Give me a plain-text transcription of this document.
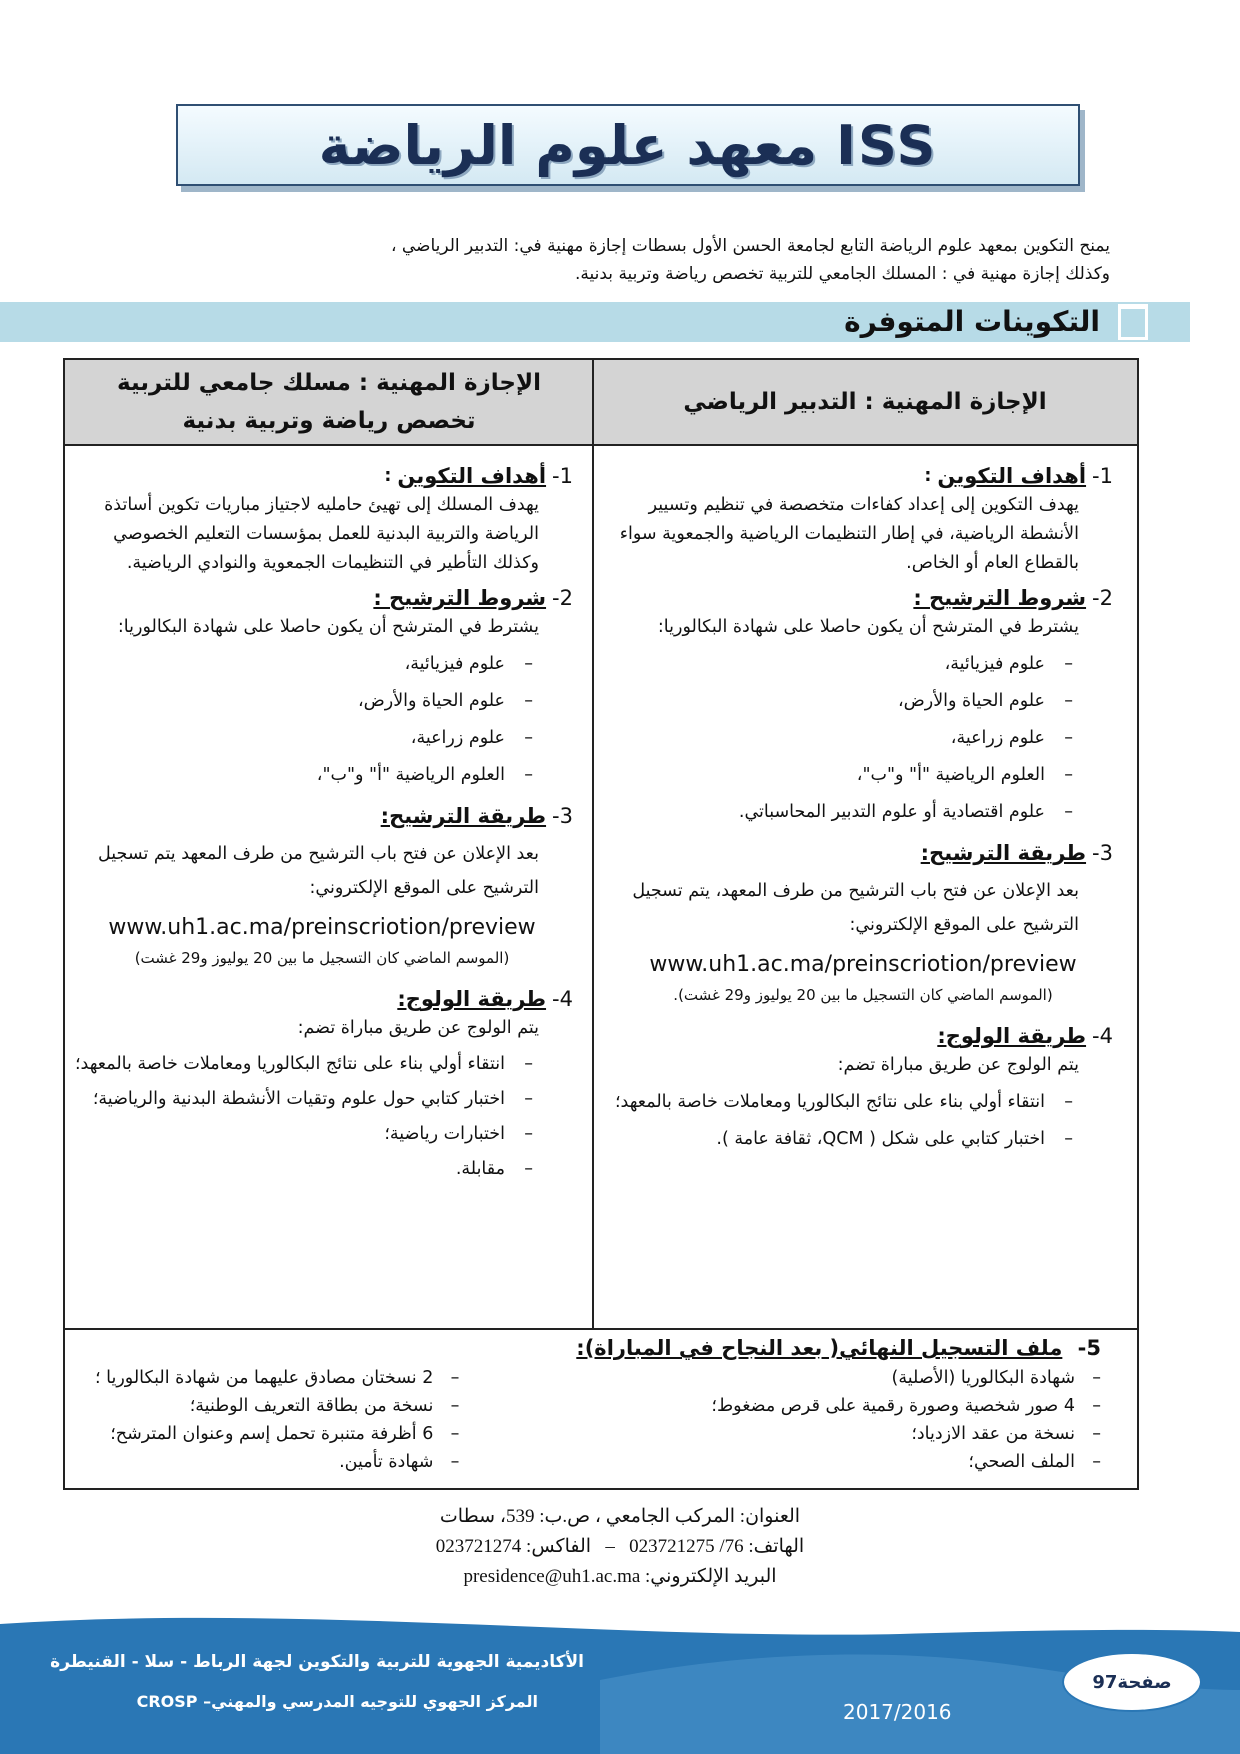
معهد علوم الرياضة ISS

يمنح التكوين بمعهد علوم الرياضة التابع لجامعة الحسن الأول بسطات إجازة مهنية في: التدبير الرياضي ،

وكذلك إجازة مهنية في : المسلك الجامعي للتربية تخصص رياضة وتربية بدنية.

التكوينات المتوفرة
الإجازة المهنية : التدبير الرياضي
الإجازة المهنية : مسلك جامعي للتربية
تخصص رياضة وتربية بدنية
1-
أهداف التكوين
:
يهدف التكوين إلى إعداد كفاءات متخصصة في تنظيم وتسيير الأنشطة الرياضية، في إطار التنظيمات الرياضية والجمعوية سواء بالقطاع العام أو الخاص.
2-
شروط الترشيح :
يشترط في المترشح أن يكون حاصلا على شهادة البكالوريا:
– علوم فيزيائية،
– علوم الحياة والأرض،
– علوم زراعية،
– العلوم الرياضية "أ" و"ب"،
– علوم اقتصادية أو علوم التدبير المحاسباتي.
3-
طريقة الترشيح:
بعد الإعلان عن فتح باب الترشيح من طرف المعهد، يتم تسجيل الترشيح على الموقع الإلكتروني:
www.uh1.ac.ma/preinscriotion/preview
(الموسم الماضي كان التسجيل ما بين 20 يوليوز و29 غشت).
4-
طريقة الولوج:
يتم الولوج عن طريق مباراة تضم:
– انتقاء أولي بناء على نتائج البكالوريا ومعاملات خاصة بالمعهد؛
– اختبار كتابي على شكل ( QCM، ثقافة عامة ).
1-
أهداف التكوين
:
يهدف المسلك إلى تهيئ حامليه لاجتياز مباريات تكوين أساتذة الرياضة والتربية البدنية للعمل بمؤسسات التعليم الخصوصي وكذلك التأطير في التنظيمات الجمعوية والنوادي الرياضية.
2-
شروط الترشيح :
يشترط في المترشح أن يكون حاصلا على شهادة البكالوريا:
– علوم فيزيائية،
– علوم الحياة والأرض،
– علوم زراعية،
– العلوم الرياضية "أ" و"ب"،
3-
طريقة الترشيح:
بعد الإعلان عن فتح باب الترشيح من طرف المعهد يتم تسجيل الترشيح على الموقع الإلكتروني:
www.uh1.ac.ma/preinscriotion/preview
(الموسم الماضي كان التسجيل ما بين 20 يوليوز و29 غشت)
4-
طريقة الولوج:
يتم الولوج عن طريق مباراة تضم:
– انتقاء أولي بناء على نتائج البكالوريا ومعاملات خاصة بالمعهد؛
– اختبار كتابي حول علوم وتقيات الأنشطة البدنية والرياضية؛
– اختبارات رياضية؛
– مقابلة.
5- ملف التسجيل النهائي( بعد النجاح في المباراة):
– شهادة البكالوريا (الأصلية)
– 4 صور شخصية وصورة رقمية على قرص مضغوط؛
– نسخة من عقد الازدياد؛
– الملف الصحي؛
– 2 نسختان مصادق عليهما من شهادة البكالوريا ؛
– نسخة من بطاقة التعريف الوطنية؛
– 6 أظرفة متنبرة تحمل إسم وعنوان المترشح؛
– شهادة تأمين.
العنوان: المركب الجامعي ، ص.ب: 539، سطات
الهاتف: 76/ 023721275   –   الفاكس: 023721274
البريد الإلكتروني: presidence@uh1.ac.ma
الأكاديمية الجهوية للتربية والتكوين لجهة الرباط - سلا - القنيطرة
المركز الجهوي للتوجيه المدرسي والمهني– CROSP	2017/2016
صفحة97
